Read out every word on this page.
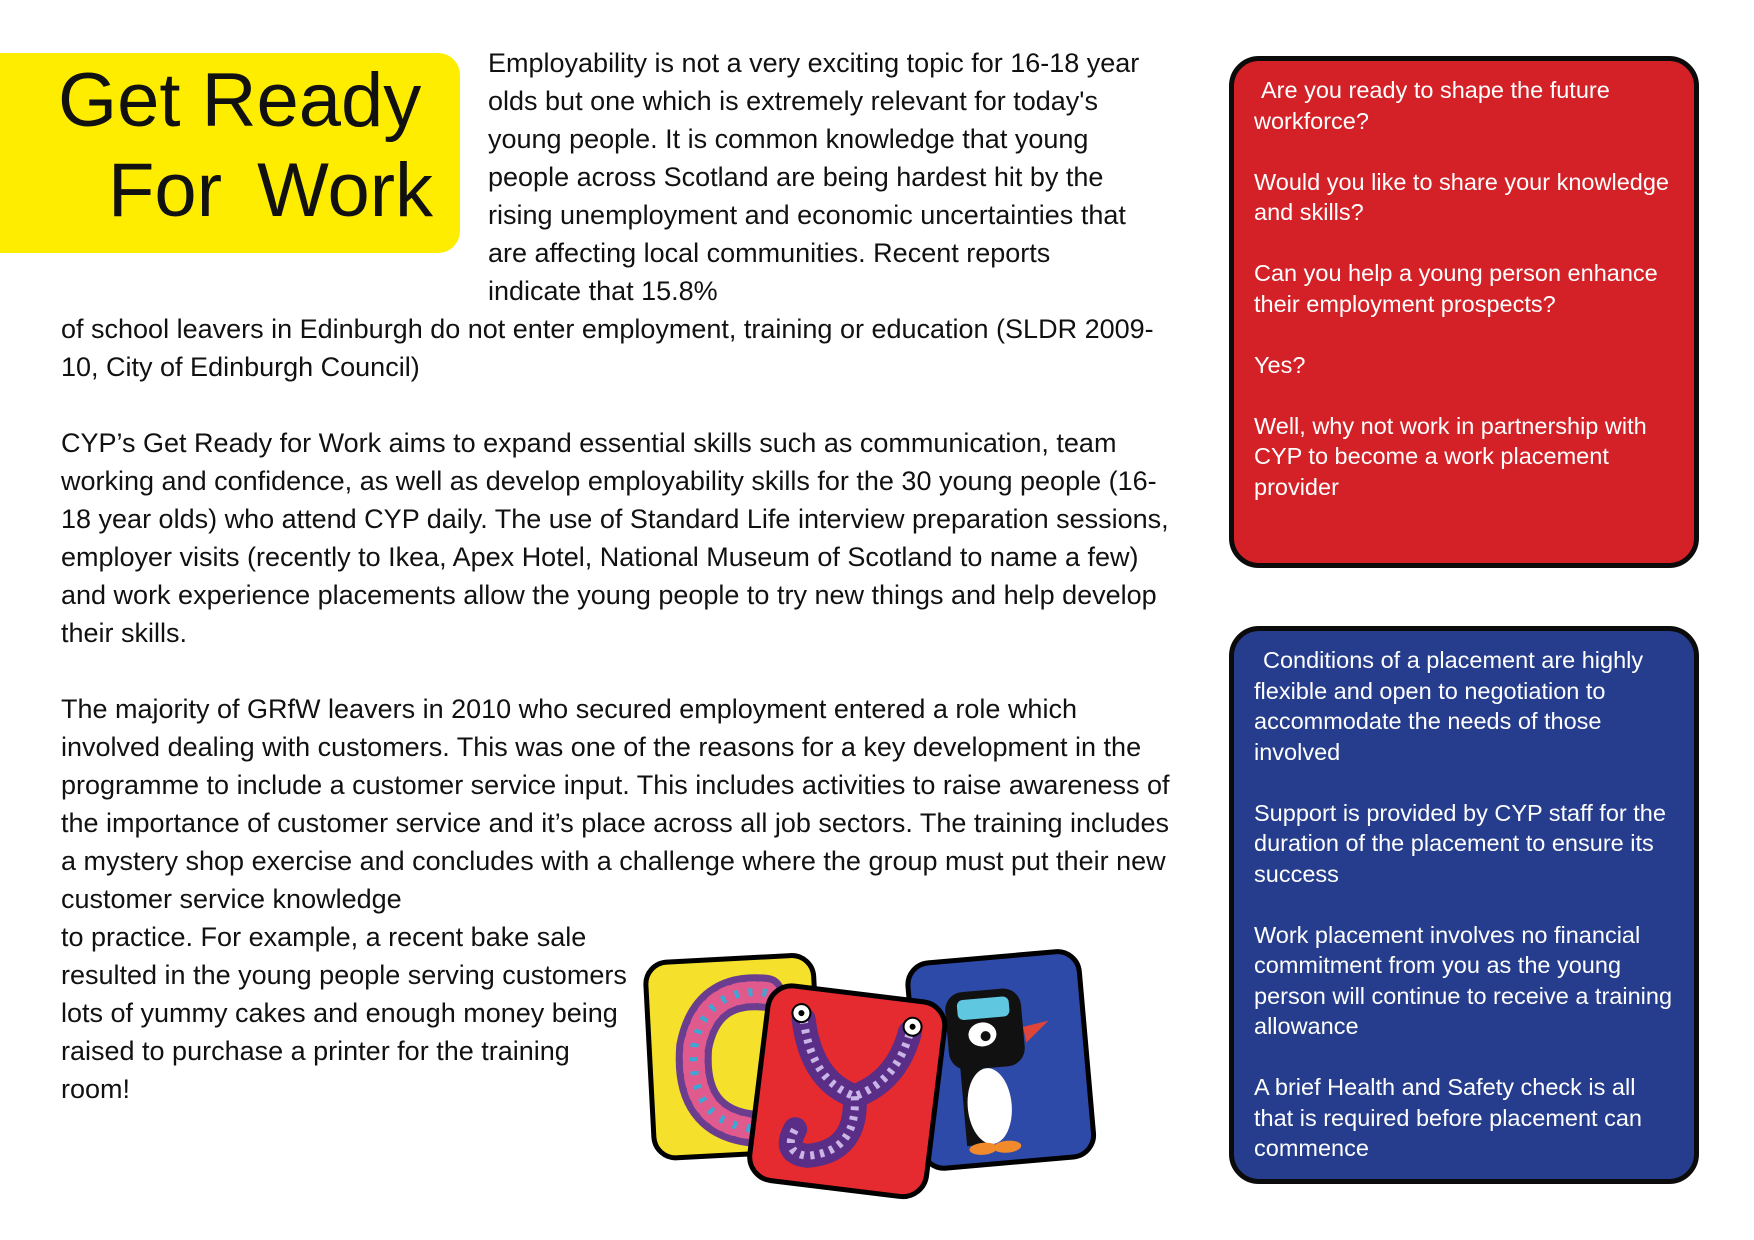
Get Ready
For Work

Employability is not a very exciting topic for 16-18 year olds but one which is extremely relevant for today's young people. It is common knowledge that young people across Scotland are being hardest hit by the rising unemployment and economic uncertainties that are affecting local communities. Recent reports indicate that 15.8%

of school leavers in Edinburgh do not enter employment, training or education (SLDR 2009-10, City of Edinburgh Council)

CYP’s Get Ready for Work aims to expand essential skills such as communication, team working and confidence, as well as develop employability skills for the 30 young people (16-18 year olds) who attend CYP daily. The use of Standard Life interview preparation sessions, employer visits (recently to Ikea, Apex Hotel, National Museum of Scotland to name a few) and work experience placements allow the young people to try new things and help develop their skills.

The majority of GRfW leavers in 2010 who secured employment entered a role which involved dealing with customers. This was one of the reasons for a key development in the programme to include a customer service input. This includes activities to raise awareness of the importance of customer service and it’s place across all job sectors. The training includes a mystery shop exercise and concludes with a challenge where the group must put their new customer service knowledge

to practice. For example, a recent bake sale resulted in the young people serving customers lots of yummy cakes and enough money being raised to purchase a printer for the training room!

Are you ready to shape the future workforce?

Would you like to share your knowledge and skills?

Can you help a young person enhance their employment prospects?

Yes?

Well, why not work in partnership with CYP to become a work placement provider

Conditions of a placement are highly flexible and open to negotiation to accommodate the needs of those involved

Support is provided by CYP staff for the duration of the placement to ensure its success

Work placement involves no financial commitment from you as the young person will continue to receive a training allowance

A brief Health and Safety check is all that is required before placement can commence
